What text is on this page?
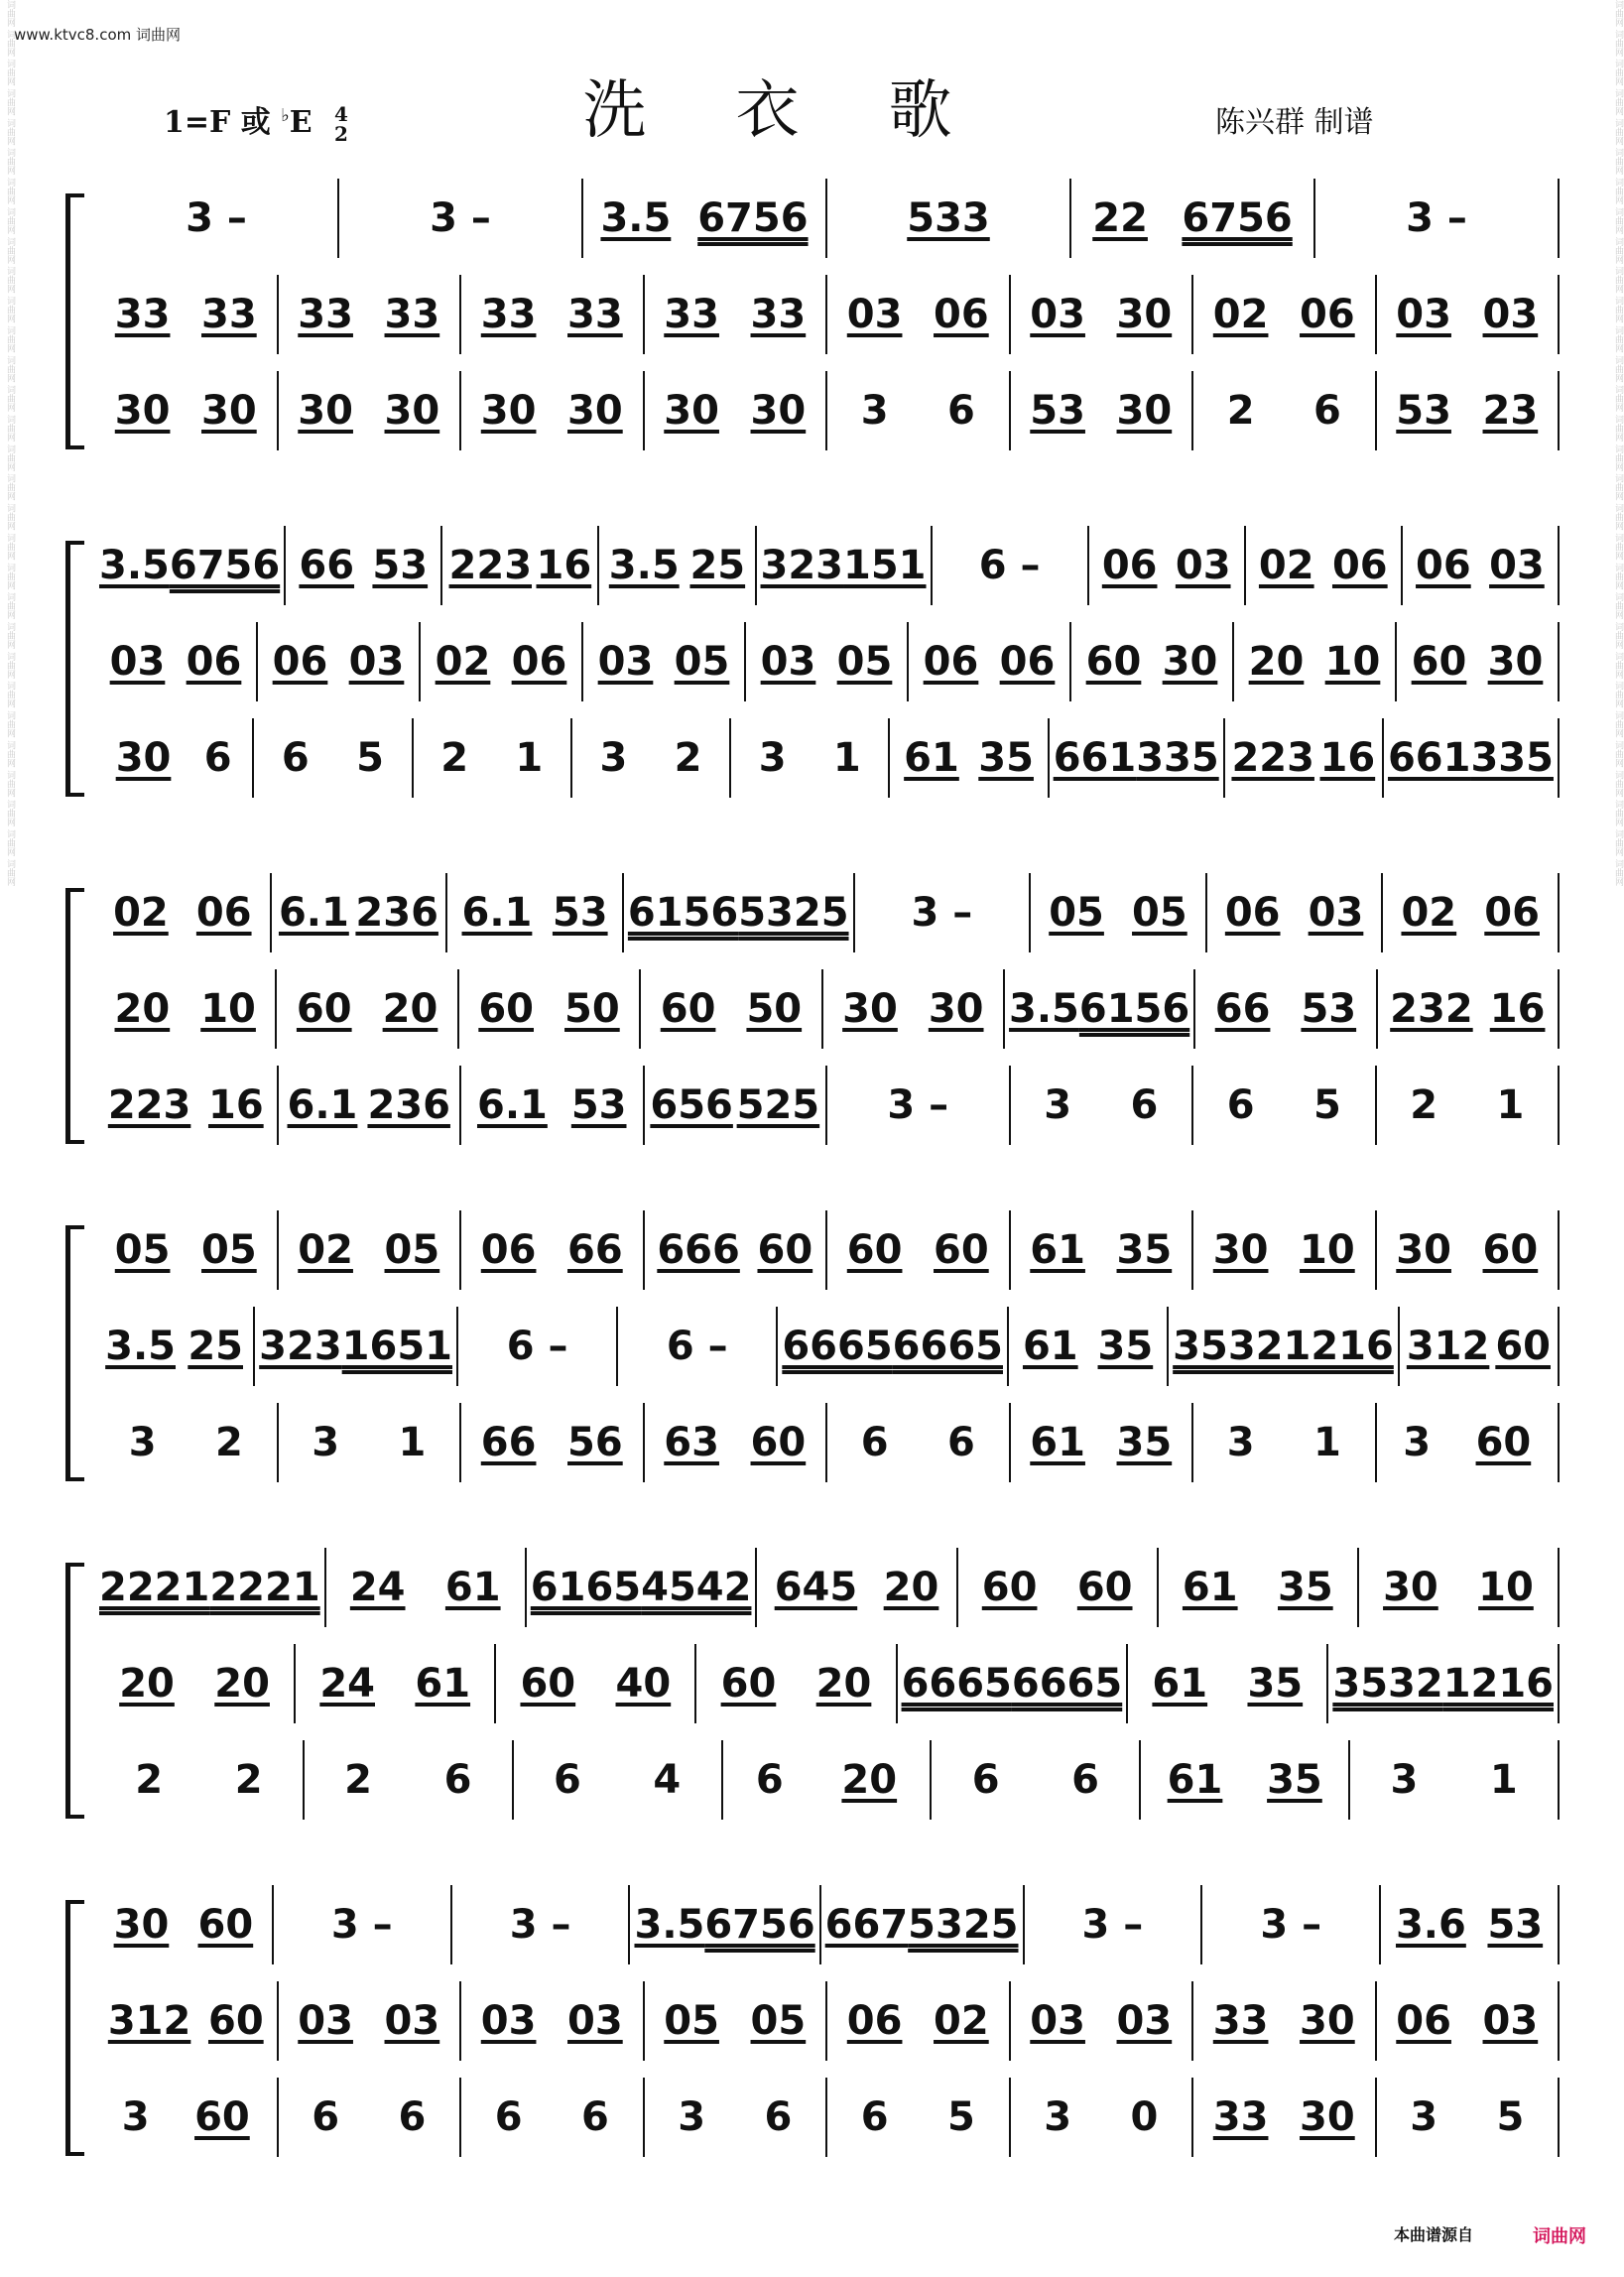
www.ktvc8.com 词曲网
词曲网 词曲网 词曲网 词曲网 词曲网 词曲网 词曲网 词曲网 词曲网 词曲网 词曲网 词曲网 词曲网 词曲网 词曲网 词曲网 词曲网 词曲网 词曲网 词曲网 词曲网 词曲网 词曲网 词曲网 词曲网 词曲网 词曲网 词曲网 词曲网 词曲网	词曲网 词曲网 词曲网 词曲网 词曲网 词曲网 词曲网 词曲网 词曲网 词曲网 词曲网 词曲网 词曲网 词曲网 词曲网 词曲网 词曲网 词曲网 词曲网 词曲网 词曲网 词曲网 词曲网 词曲网 词曲网 词曲网 词曲网 词曲网 词曲网 词曲网
1=F 或 ♭E 4
2	洗衣歌	陈兴群 制谱
3 –	3 –	3.5 6756 533	22 6756	3 –
33 33 33 33 33 33 33 33 03 06 03 30 02 06 03 03
30 30 30 30 30 30 30 30 3 6 53 30 2 6 53 23
3.5 6756 66 53 223 16 3.5 25 323 151 6 – 06 03 02 06 06 03
03 06 06 03 02 06 03 05 03 05 06 06 60 30 20 10 60 30
30 6 6 5 2 1 3 2 3 1 61 35 661 335 223 16 661 335
02 06 6.1 236 6.1 53 6156 5325 3 – 05 05 06 03 02 06
20 10 60 20 60 50 60 50 30 30 3.5 6156 66 53 232 16
223 16 6.1 236 6.1 53 656 525 3 – 3 6 6 5 2 1
05 05 02 05 06 66 666 60 60 60 61 35 30 10 30 60
3.5 25 323 1651 6 – 6 – 6665 6665 61 35 3532 1216 312 60
3 2 3 1 66 56 63 60 6 6 61 35 3 1 3 60
2221 2221 24 61 6165 4542 645 20 60 60 61 35 30 10
20 20 24 61 60 40 60 20 6665 6665 61 35 3532 1216
2 2 2 6 6 4 6 20 6 6 61 35 3 1
30 60 3 –	3 – 3.5 6756 667 5325 3 –	3 – 3.6 53
312 60 03 03 03 03 05 05 06 02 03 03 33 30 06 03
3 60 6 6 6 6 3 6 6 5 3 0 33 30 3 5
本曲谱源自	词曲网
